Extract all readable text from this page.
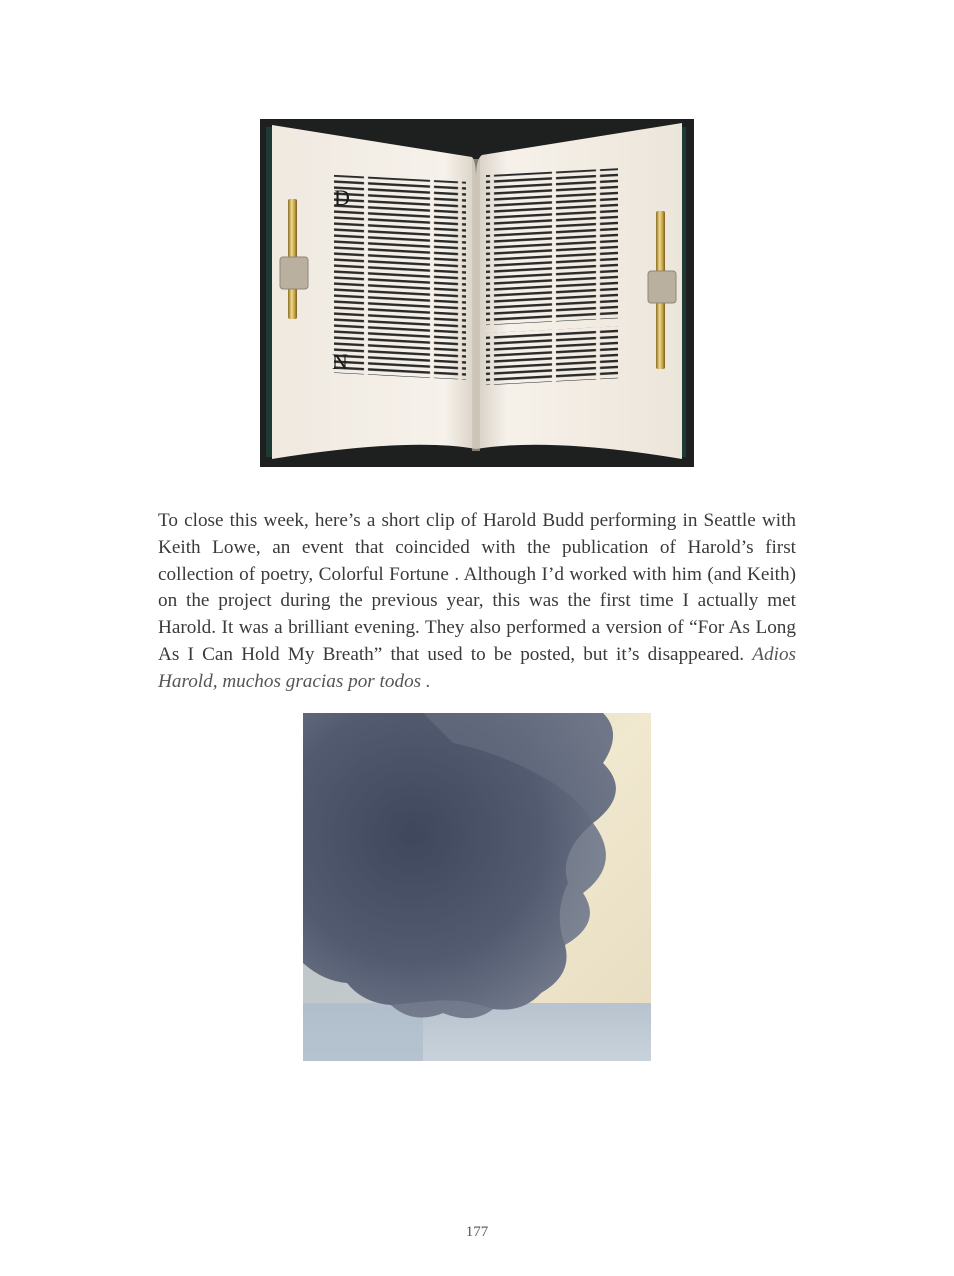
D
N

To close this week, here’s a short clip of Harold Budd performing in Seattle with Keith Lowe, an event that coincided with the publication of Harold’s first collection of poetry, Colorful Fortune . Although I’d worked with him (and Keith) on the project during the previous year, this was the first time I actually met Harold. It was a brilliant evening. They also performed a version of “For As Long As I Can Hold My Breath” that used to be posted, but it’s disappeared. Adios Harold, muchos gracias por todos .

177
